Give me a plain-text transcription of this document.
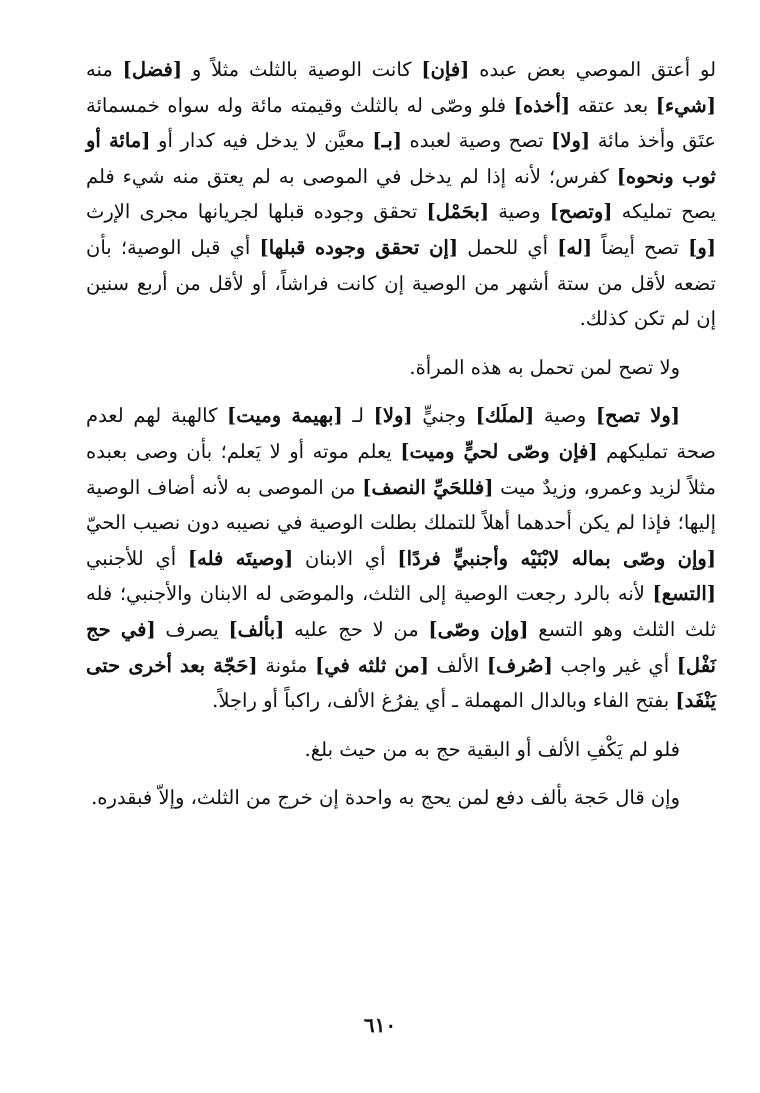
لو أعتق الموصي بعض عبده [فإن] كانت الوصية بالثلث مثلاً و [فضل] منه [شيء] بعد عتقه [أخذه] فلو وصّى له بالثلث وقيمته مائة وله سواه خمسمائة عتَق وأخذ مائة [ولا] تصح وصية لعبده [بـ] معيَّن لا يدخل فيه كدار أو [مائة أو ثوب ونحوه] كفرس؛ لأنه إذا لم يدخل في الموصى به لم يعتق منه شيء فلم يصح تمليكه [وتصح] وصية [بحَمْل] تحقق وجوده قبلها لجريانها مجرى الإرث [و] تصح أيضاً [له] أي للحمل [إن تحقق وجوده قبلها] أي قبل الوصية؛ بأن تضعه لأقل من ستة أشهر من الوصية إن كانت فراشاً، أو لأقل من أربع سنين إن لم تكن كذلك.

ولا تصح لمن تحمل به هذه المرأة.

[ولا تصح] وصية [لملَك] وجنيٍّ [ولا] لـ [بهيمة وميت] كالهبة لهم لعدم صحة تمليكهم [فإن وصّى لحيٍّ وميت] يعلم موته أو لا يَعلم؛ بأن وصى بعبده مثلاً لزيد وعمرو، وزيدٌ ميت [فللحَيِّ النصف] من الموصى به لأنه أضاف الوصية إليها؛ فإذا لم يكن أحدهما أهلاً للتملك بطلت الوصية في نصيبه دون نصيب الحيّ [وإن وصّى بماله لابْنَيْه وأجنبيٍّ فردًا] أي الابنان [وصيتَه فله] أي للأجنبي [التسع] لأنه بالرد رجعت الوصية إلى الثلث، والموصَى له الابنان والأجنبي؛ فله ثلث الثلث وهو التسع [وإن وصّى] من لا حج عليه [بألف] يصرف [في حج نَفْل] أي غير واجب [صُرف] الألف [من ثلثه في] مئونة [حَجّة بعد أخرى حتى يَنْفَد] بفتح الفاء وبالدال المهملة ـ أي يفرُغ الألف، راكباً أو راجلاً.

فلو لم يَكْفِ الألف أو البقية حج به من حيث بلغ.

وإن قال حَجة بألف دفع لمن يحج به واحدة إن خرج من الثلث، وإلاّ فبقدره.

٦١٠
